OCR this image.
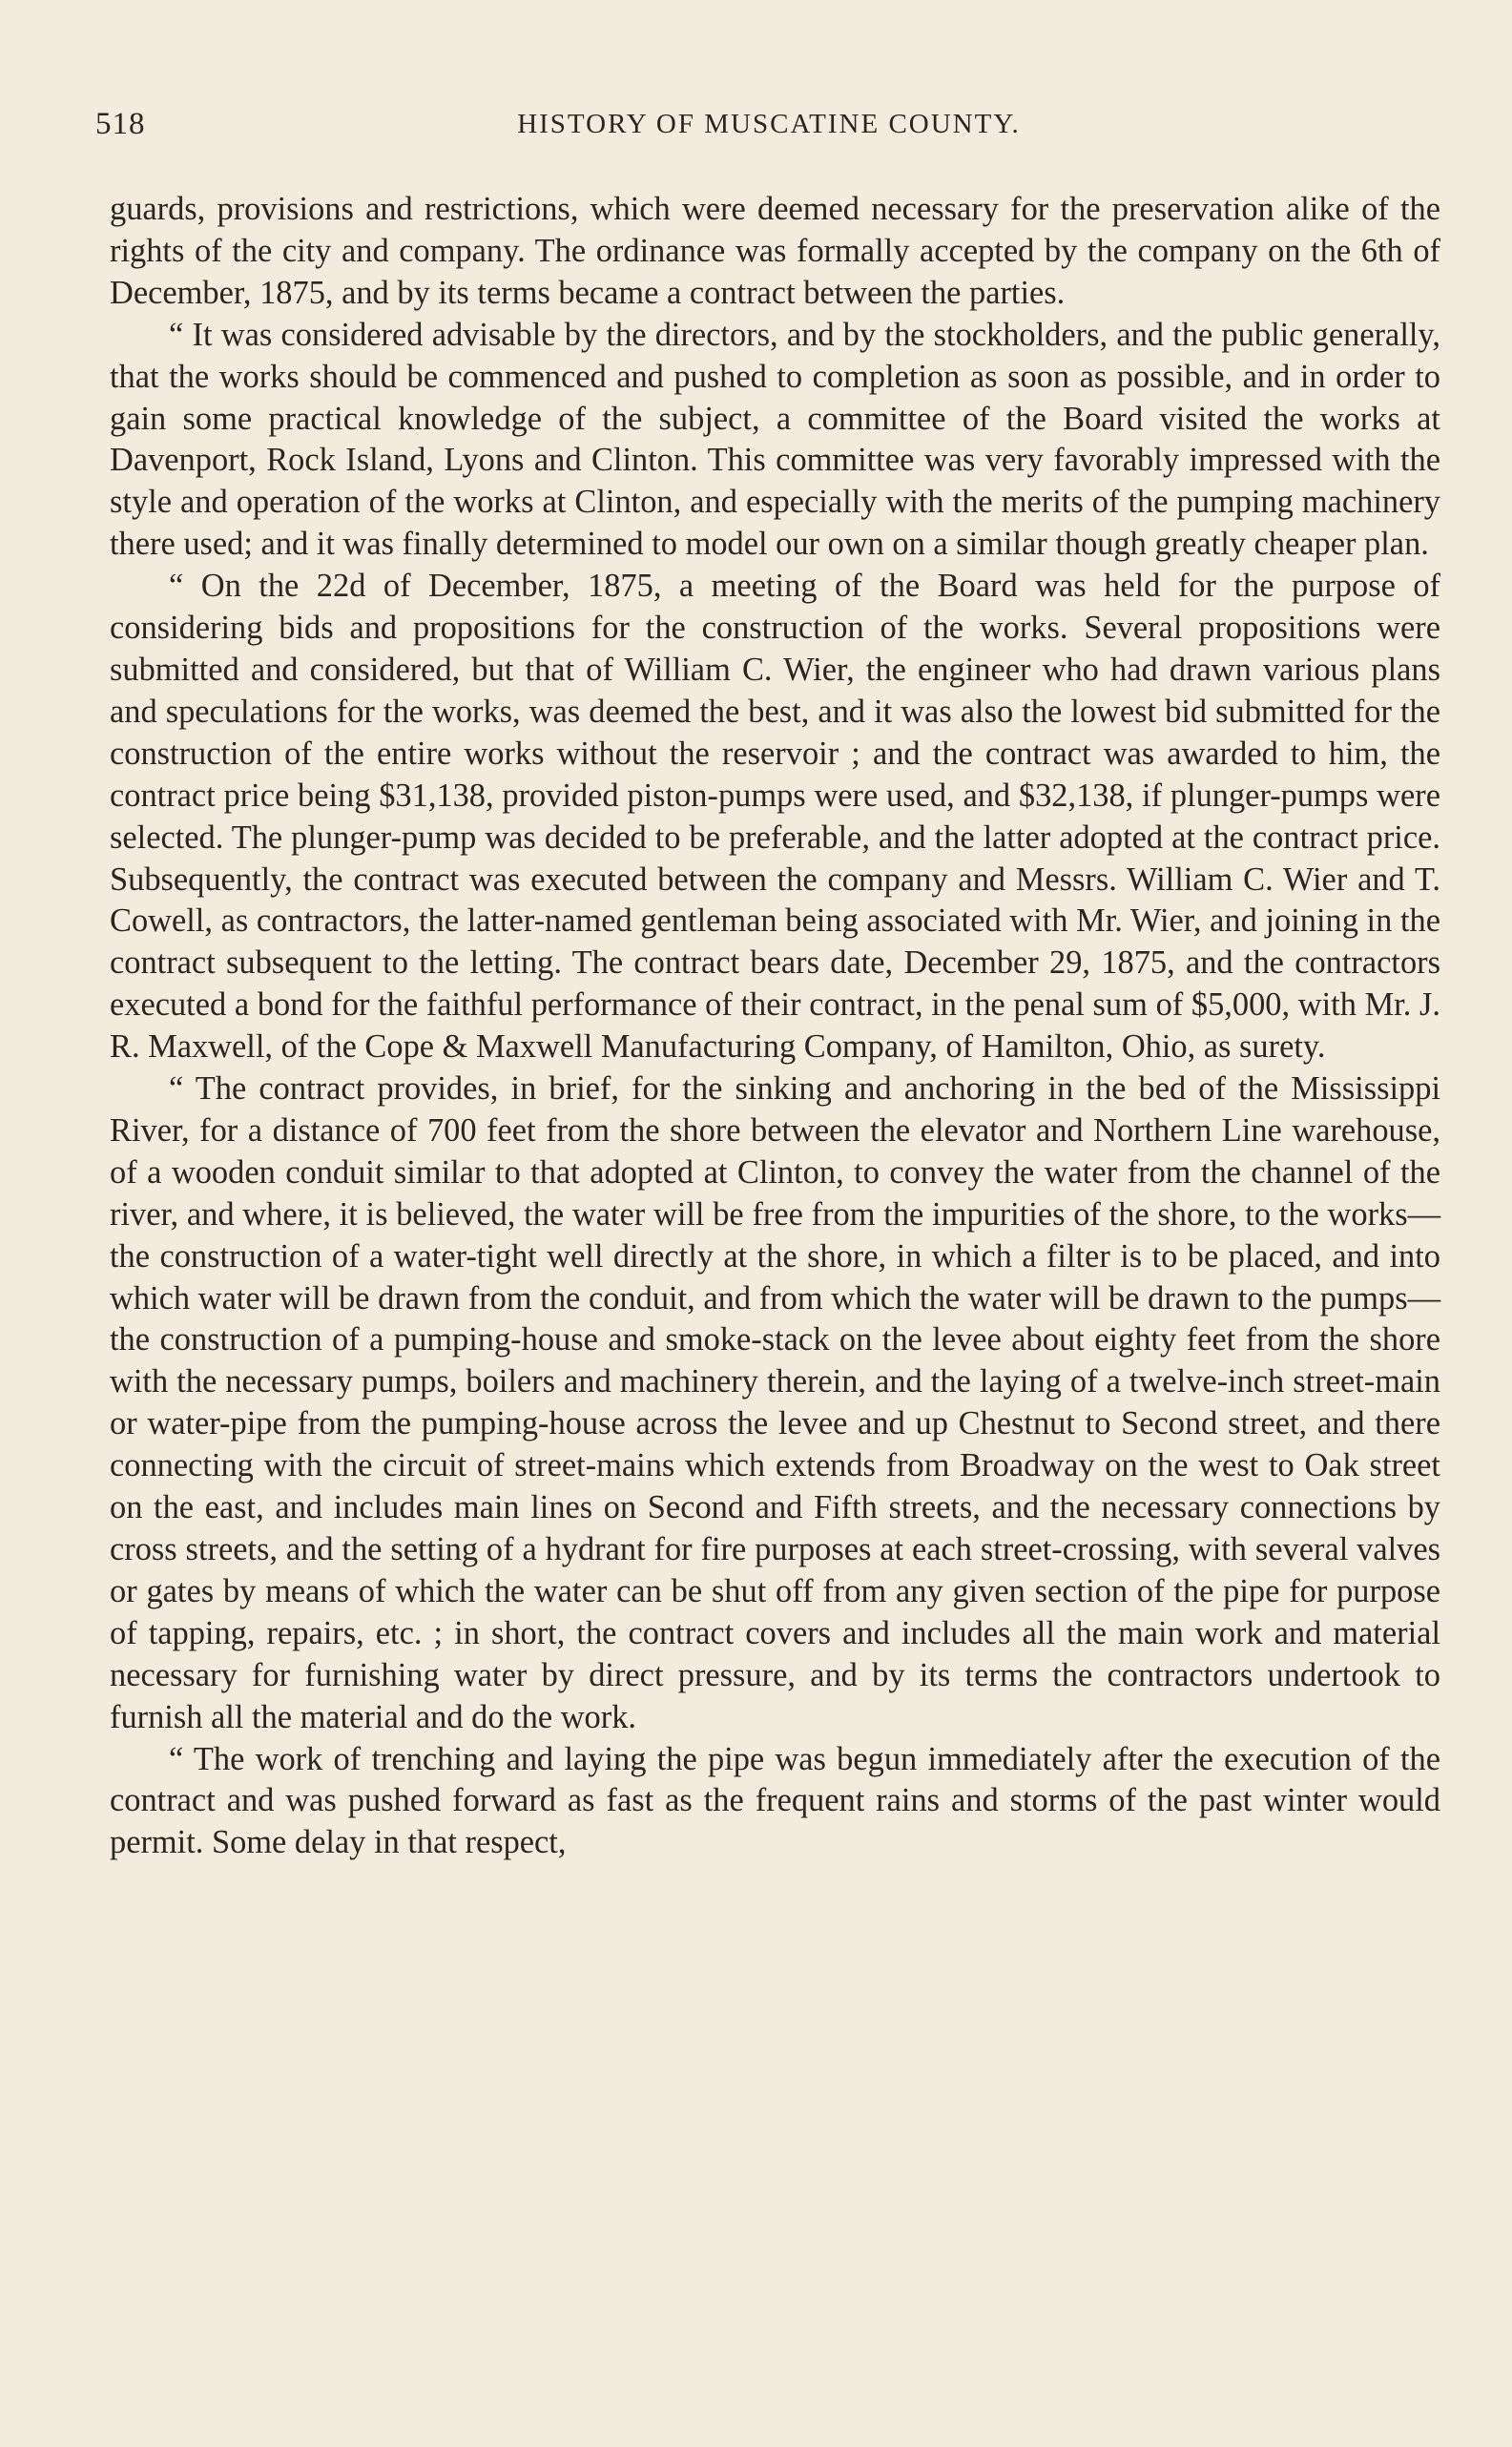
518	HISTORY OF MUSCATINE COUNTY.

guards, provisions and restrictions, which were deemed necessary for the preservation alike of the rights of the city and company. The ordinance was formally accepted by the company on the 6th of December, 1875, and by its terms became a contract between the parties.

“ It was considered advisable by the directors, and by the stockholders, and the public generally, that the works should be commenced and pushed to completion as soon as possible, and in order to gain some practical knowledge of the subject, a committee of the Board visited the works at Davenport, Rock Island, Lyons and Clinton. This committee was very favorably impressed with the style and operation of the works at Clinton, and especially with the merits of the pumping machinery there used; and it was finally determined to model our own on a similar though greatly cheaper plan.

“ On the 22d of December, 1875, a meeting of the Board was held for the purpose of considering bids and propositions for the construction of the works. Several propositions were submitted and considered, but that of William C. Wier, the engineer who had drawn various plans and speculations for the works, was deemed the best, and it was also the lowest bid submitted for the construction of the entire works without the reservoir ; and the contract was awarded to him, the contract price being $31,138, provided piston-pumps were used, and $32,138, if plunger-pumps were selected. The plunger-pump was decided to be preferable, and the latter adopted at the contract price. Subsequently, the contract was executed between the company and Messrs. William C. Wier and T. Cowell, as contractors, the latter-named gentleman being associated with Mr. Wier, and joining in the contract subsequent to the letting. The contract bears date, December 29, 1875, and the contractors executed a bond for the faithful performance of their contract, in the penal sum of $5,000, with Mr. J. R. Maxwell, of the Cope & Maxwell Manufacturing Company, of Hamilton, Ohio, as surety.

“ The contract provides, in brief, for the sinking and anchoring in the bed of the Mississippi River, for a distance of 700 feet from the shore between the elevator and Northern Line warehouse, of a wooden conduit similar to that adopted at Clinton, to convey the water from the channel of the river, and where, it is believed, the water will be free from the impurities of the shore, to the works—the construction of a water-tight well directly at the shore, in which a filter is to be placed, and into which water will be drawn from the conduit, and from which the water will be drawn to the pumps—the construction of a pumping-house and smoke-stack on the levee about eighty feet from the shore with the necessary pumps, boilers and machinery therein, and the laying of a twelve-inch street-main or water-pipe from the pumping-house across the levee and up Chestnut to Second street, and there connecting with the circuit of street-mains which extends from Broadway on the west to Oak street on the east, and includes main lines on Second and Fifth streets, and the necessary connections by cross streets, and the setting of a hydrant for fire purposes at each street-crossing, with several valves or gates by means of which the water can be shut off from any given section of the pipe for purpose of tapping, repairs, etc. ; in short, the contract covers and includes all the main work and material necessary for furnishing water by direct pressure, and by its terms the contractors undertook to furnish all the material and do the work.

“ The work of trenching and laying the pipe was begun immediately after the execution of the contract and was pushed forward as fast as the frequent rains and storms of the past winter would permit. Some delay in that respect,
